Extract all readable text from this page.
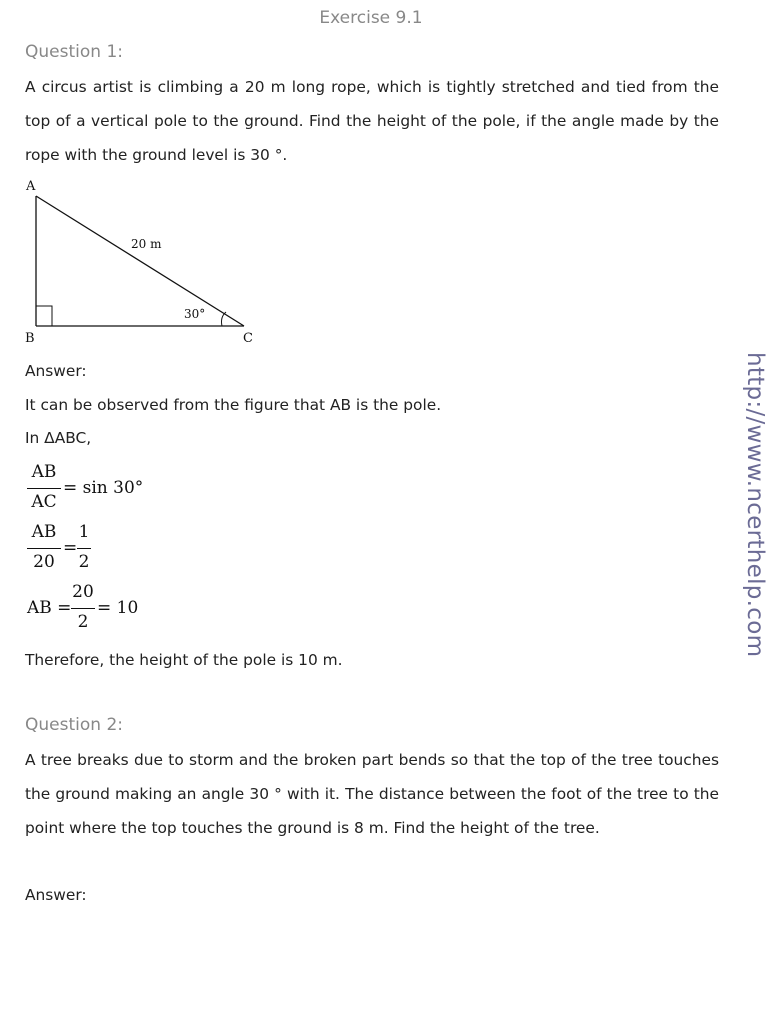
Exercise 9.1
Question 1:
A circus artist is climbing a 20 m long rope, which is tightly stretched and tied from the top of a vertical pole to the ground. Find the height of the pole, if the angle made by the rope with the ground level is 30 °.
A
B	C
20 m
30°
Answer:
It can be observed from the figure that AB is the pole.
In ΔABC,
AB
AC
= sin 30°
AB
20
=
1
2
AB =
20
2
= 10
Therefore, the height of the pole is 10 m.
Question 2:
A tree breaks due to storm and the broken part bends so that the top of the tree touches the ground making an angle 30 ° with it. The distance between the foot of the tree to the point where the top touches the ground is 8 m. Find the height of the tree.
Answer:
http://www.ncerthelp.com
